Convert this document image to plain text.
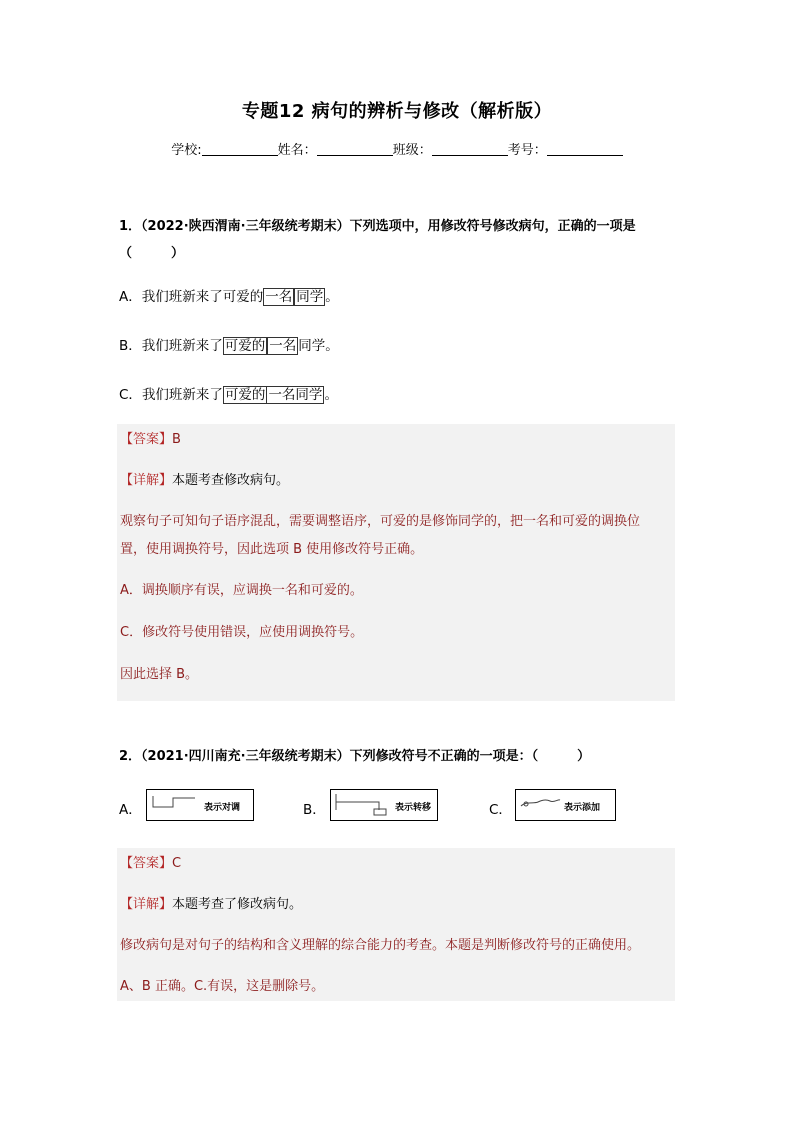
专题12 病句的辨析与修改（解析版）
学校:	姓名：	班级：	考号：
1．（2022·陕西渭南·三年级统考期末）下列选项中，用修改符号修改病句，正确的一项是
（　　　）
A．我们班新来了可爱的 一名 同学 。
B．我们班新来了 可爱的 一名 同学。
C．我们班新来了 可爱的 一名同学 。
【答案】B
【详解】本题考查修改病句。
观察句子可知句子语序混乱，需要调整语序，可爱的是修饰同学的，把一名和可爱的调换位
置，使用调换符号，因此选项 B 使用修改符号正确。
A．调换顺序有误，应调换一名和可爱的。
C．修改符号使用错误，应使用调换符号。
因此选择 B。
2．（2021·四川南充·三年级统考期末）下列修改符号不正确的一项是：（　　　）
A．	表示对调	B．	表示转移	C．	表示添加
【答案】C
【详解】本题考查了修改病句。
修改病句是对句子的结构和含义理解的综合能力的考查。本题是判断修改符号的正确使用。
A、B 正确。C.有误，这是删除号。
